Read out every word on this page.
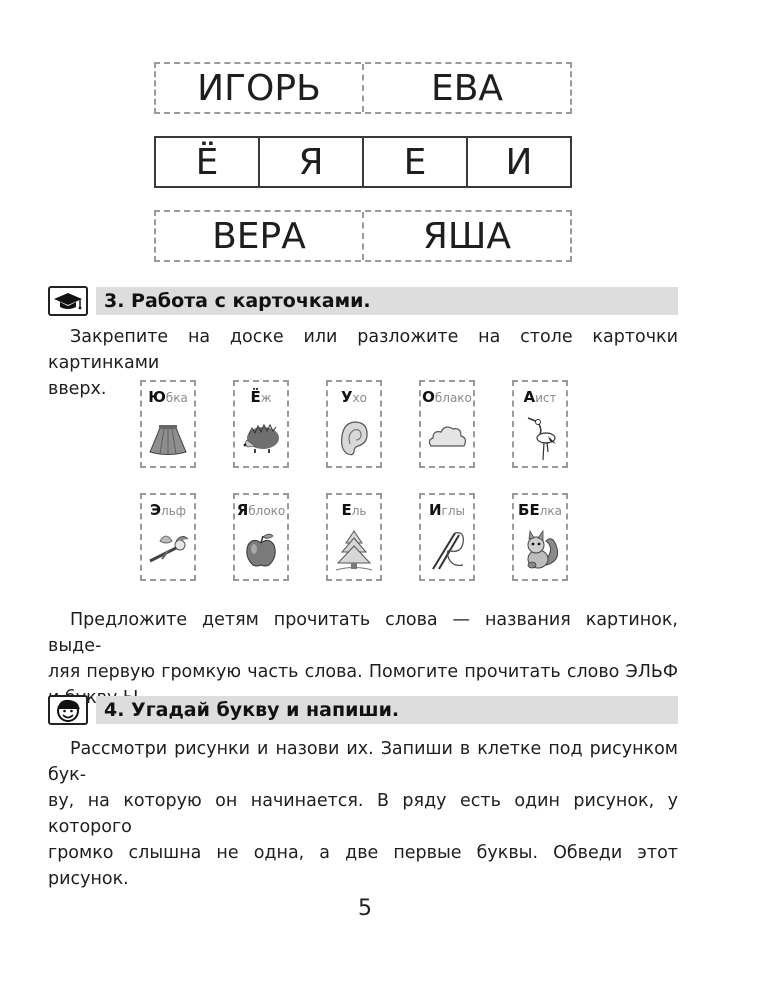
ИГОРЬ	ЕВА
Ё	Я	Е	И
ВЕРА	ЯША
3. Работа с карточками.
Закрепите на доске или разложите на столе карточки картинками
вверх.	Юбка	Ёж	Ухо	Облако	Аист
Эльф	Яблоко	Ель	Иглы	БЕлка
Предложите детям прочитать слова — названия картинок, выде-
ляя первую громкую часть слова. Помогите прочитать слово ЭЛЬФ
букву
4. Угадай букву и напиши.
Рассмотри рисунки и назови их. Запиши в клетке под рисунком бук-
ву, на которую он начинается. В ряду есть один рисунок, у которого
громко слышна не одна, а две первые буквы. Обведи этот рисунок.
5
